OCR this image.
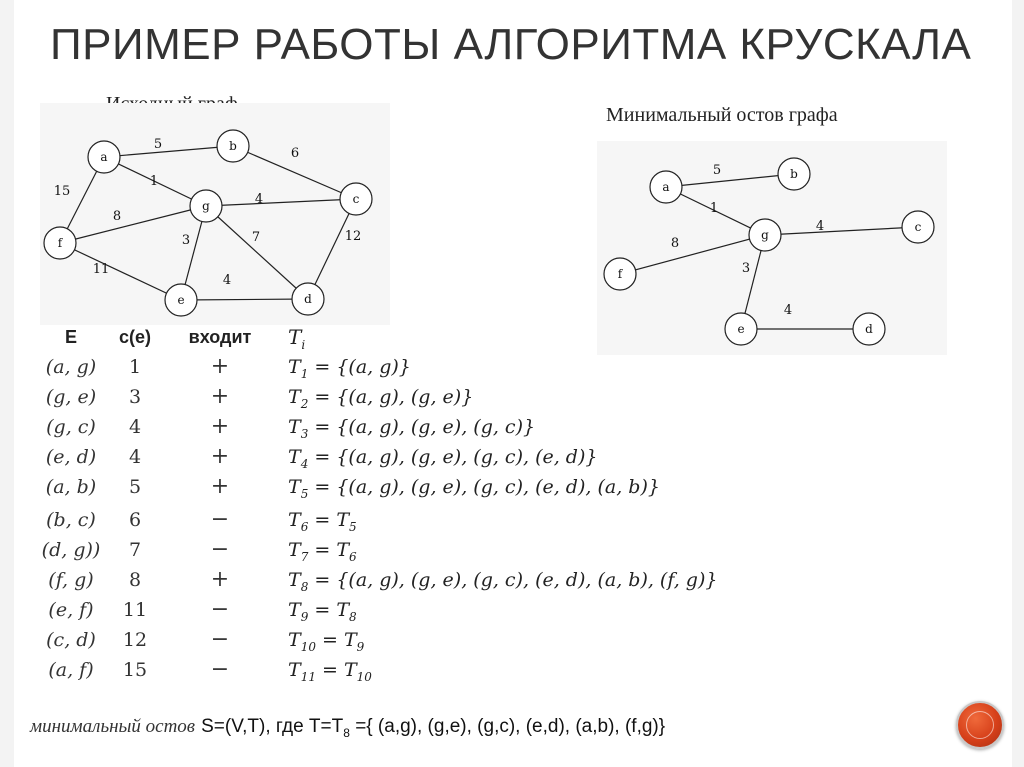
ПРИМЕР РАБОТЫ АЛГОРИТМА КРУСКАЛА
Минимальный остов графа
5
6
15
1
8
4
3	7	12
11
4
a
b
c
g
f
e	d
5
1
4
8
3
4
a
b
c
g
f
e	d
E	c(e)	входит	$T_i$
(a, g)	1	+	$T_1 = \{(a$, g)}
(g, e)	3	+	$T_2 = \{(a$, g), (g, e)}
(g, c)	4	+	$T_3 = \{(a$, g), (g, e), (g, c)}
(e, d)	4	+	$T_4 = \{(a$, g), (g, e), (g, c), (e, d)}
(a, b)	5	+	$T_5 = \{(a$, g), (g, e), (g, c), (e, d), (a, b)}
(b, c)	6	−	$T_6 = T_5$
(d, g))	7	−	$T_7 = T_6$
(f, g)	8	+	$T_8 = \{(a$, g), (g, e), (g, c), (e, d), (a, b), (f, g)}
(e, f)	11	−	$T_9 = T_8$
(c, d)	12	−	$T_{10} = T_9$
(a, f)	15	−	$T_{11} = T_{10}$
минимальный остов S=(V,T), где $T=T_8$ ={ (a,g), (g,e), (g,c), (e,d), (a,b), (f,g)}
